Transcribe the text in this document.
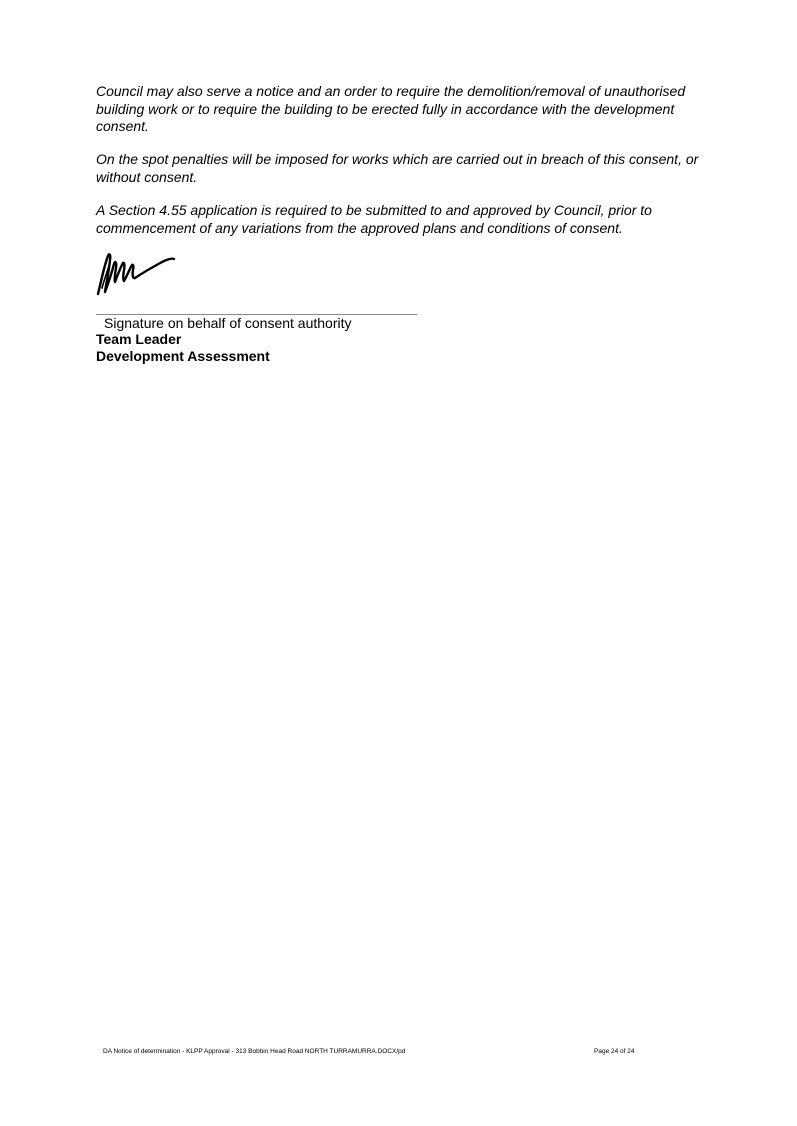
Council may also serve a notice and an order to require the demolition/removal of unauthorised building work or to require the building to be erected fully in accordance with the development consent.

On the spot penalties will be imposed for works which are carried out in breach of this consent, or without consent.

A Section 4.55 application is required to be submitted to and approved by Council, prior to commencement of any variations from the approved plans and conditions of consent.

Signature on behalf of consent authority

Team Leader

Development Assessment

DA Notice of determination - KLPP Approval - 313 Bobbin Head Road NORTH TURRAMURRA.DOCX/pd	Page 24 of 24
